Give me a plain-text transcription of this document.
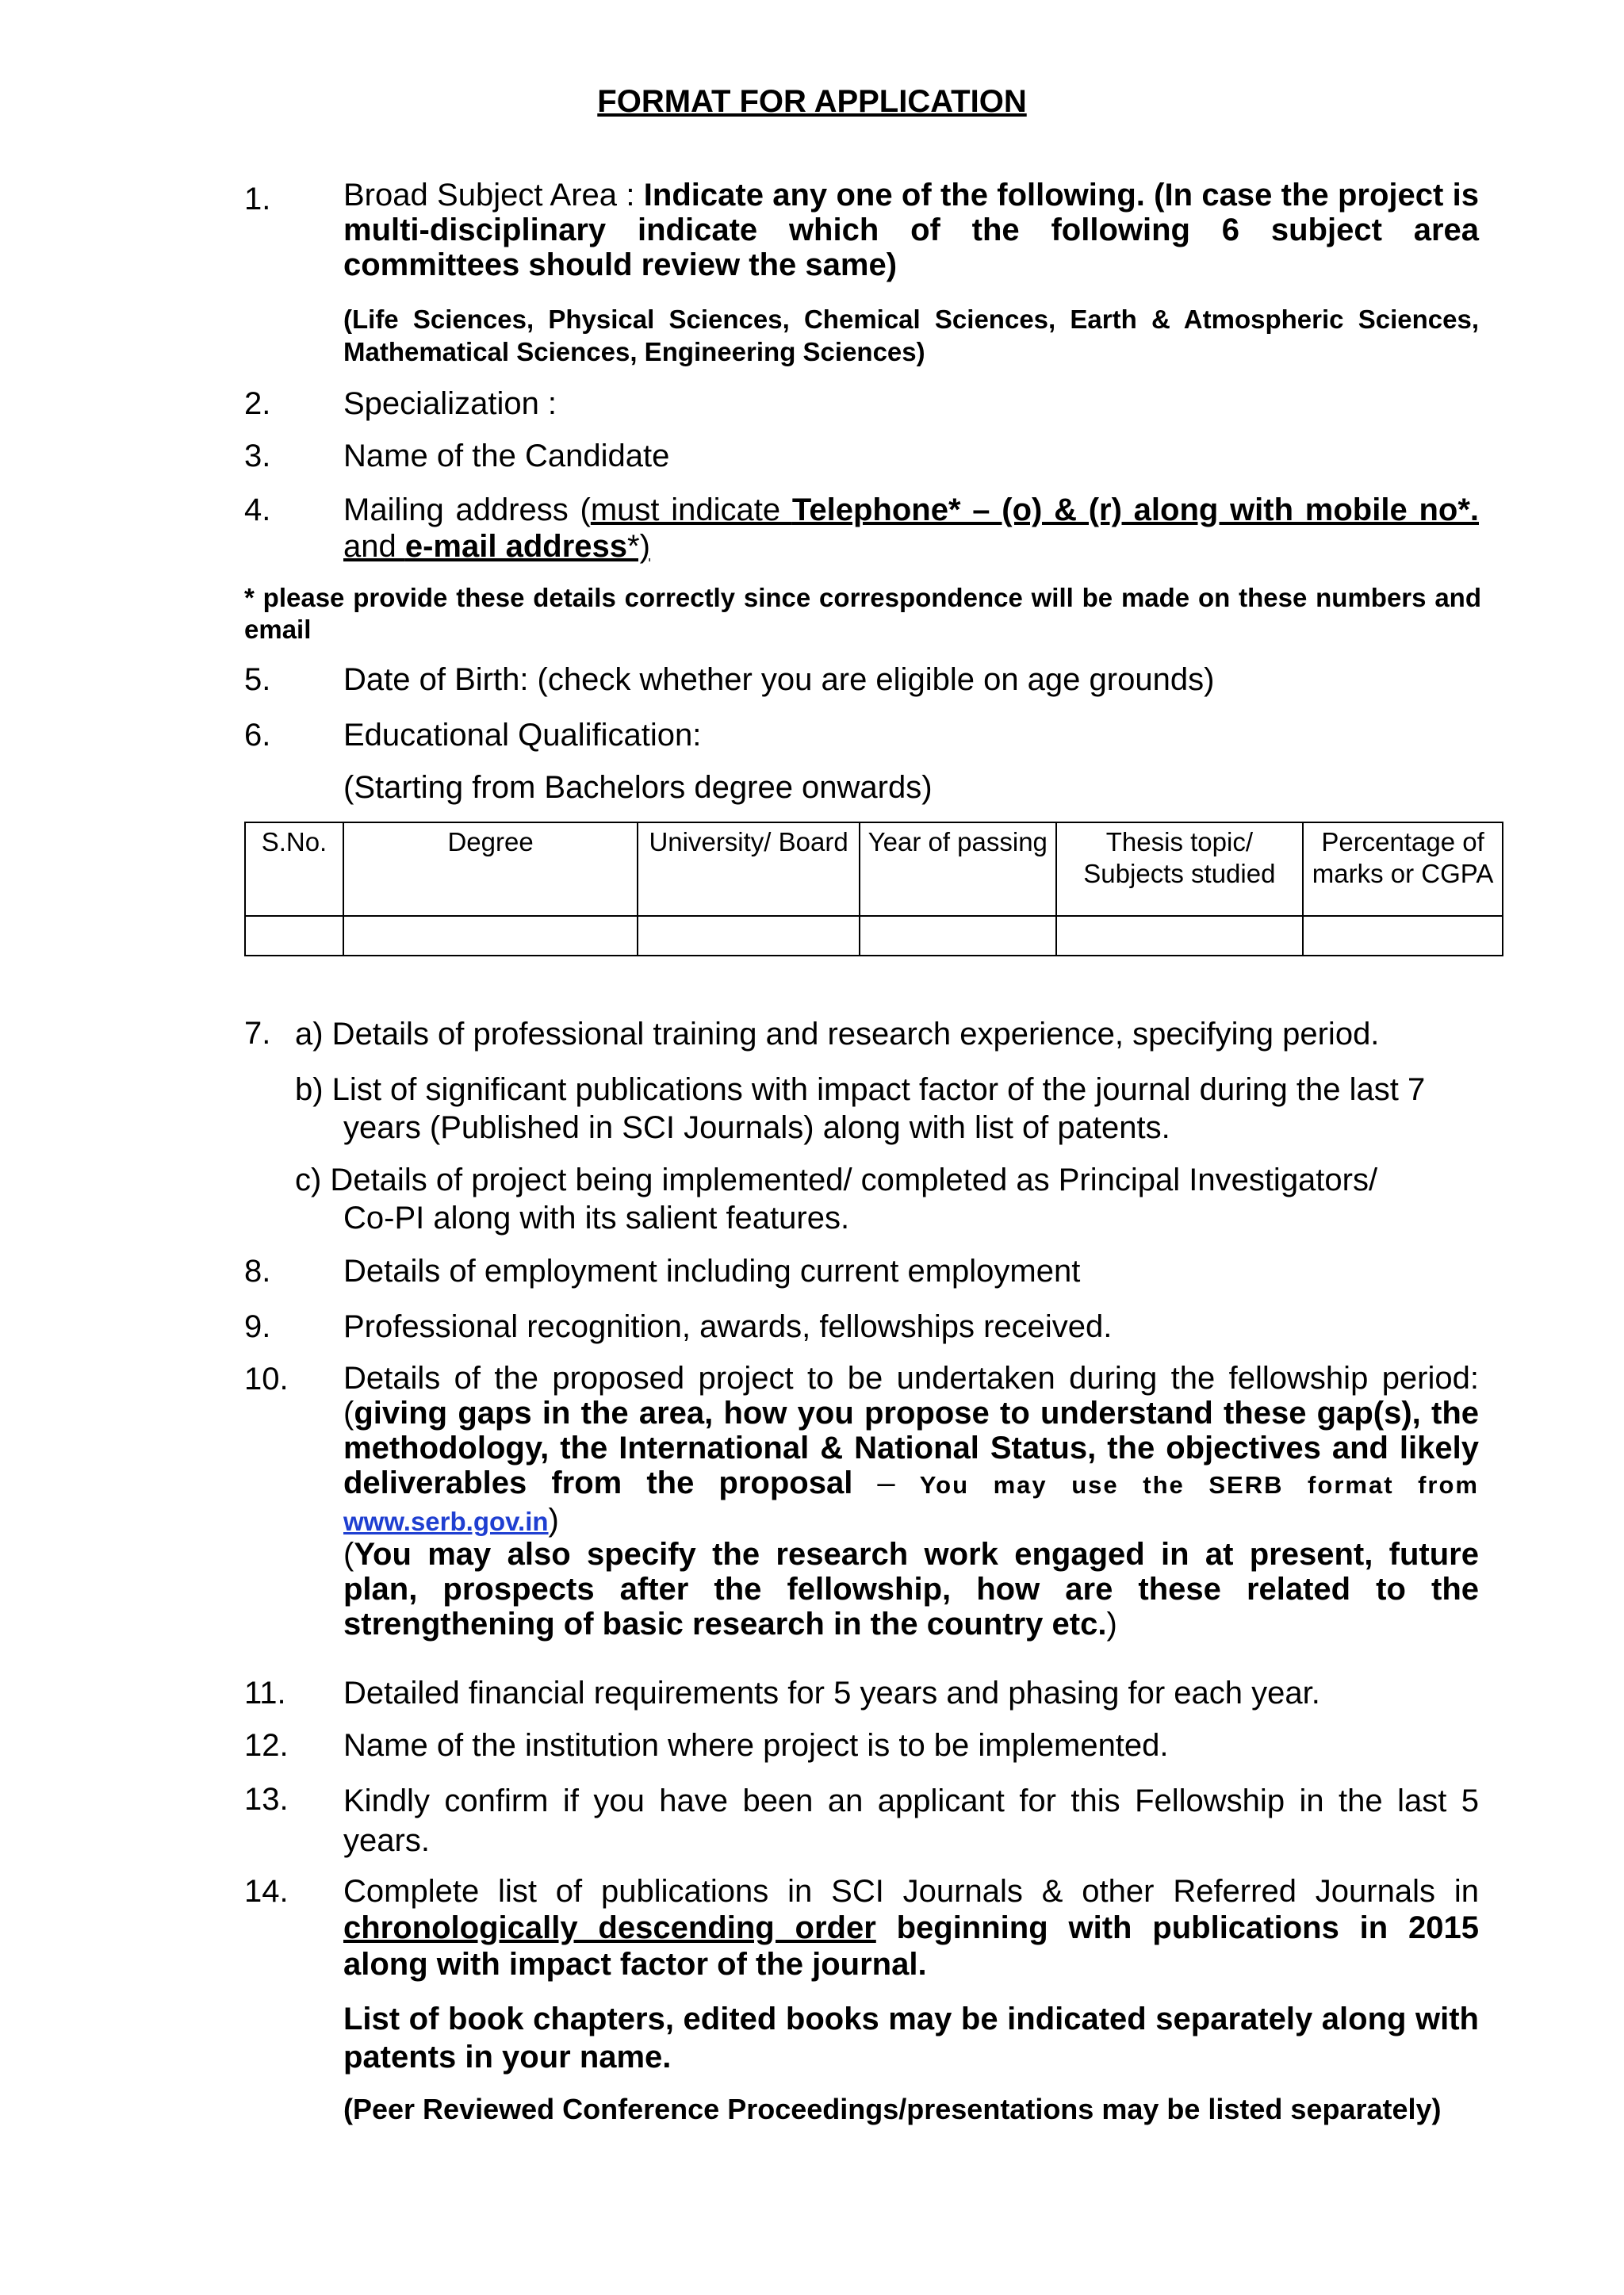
FORMAT FOR APPLICATION
1. Broad Subject Area : Indicate any one of the following. (In case the project is multi-disciplinary indicate which of the following 6 subject area committees should review the same)
(Life Sciences, Physical Sciences, Chemical Sciences, Earth & Atmospheric Sciences, Mathematical Sciences, Engineering Sciences)
2. Specialization :
3. Name of the Candidate
4. Mailing address (must indicate Telephone* – (o) & (r) along with mobile no*. and e-mail address*)
* please provide these details correctly since correspondence will be made on these numbers and email
5. Date of Birth: (check whether you are eligible on age grounds)
6. Educational Qualification:
(Starting from Bachelors degree onwards)
S.No.	Degree	University/ Board	Year of passing	Thesis topic/ Subjects studied	Percentage of marks or CGPA

7. a) Details of professional training and research experience, specifying period.
b) List of significant publications with impact factor of the journal during the last 7
years (Published in SCI Journals) along with list of patents.
c) Details of project being implemented/ completed as Principal Investigators/
Co-PI along with its salient features.
8. Details of employment including current employment
9. Professional recognition, awards, fellowships received.
10. Details of the proposed project to be undertaken during the fellowship period: (giving gaps in the area, how you propose to understand these gap(s), the methodology, the International & National Status, the objectives and likely deliverables from the proposal – You may use the SERB format from www.serb.gov.in)
(You may also specify the research work engaged in at present, future plan, prospects after the fellowship, how are these related to the strengthening of basic research in the country etc.)
11. Detailed financial requirements for 5 years and phasing for each year.
12. Name of the institution where project is to be implemented.
13. Kindly confirm if you have been an applicant for this Fellowship in the last 5 years.
14. Complete list of publications in SCI Journals & other Referred Journals in chronologically descending order beginning with publications in 2015 along with impact factor of the journal.
List of book chapters, edited books may be indicated separately along with patents in your name.
(Peer Reviewed Conference Proceedings/presentations may be listed separately)
